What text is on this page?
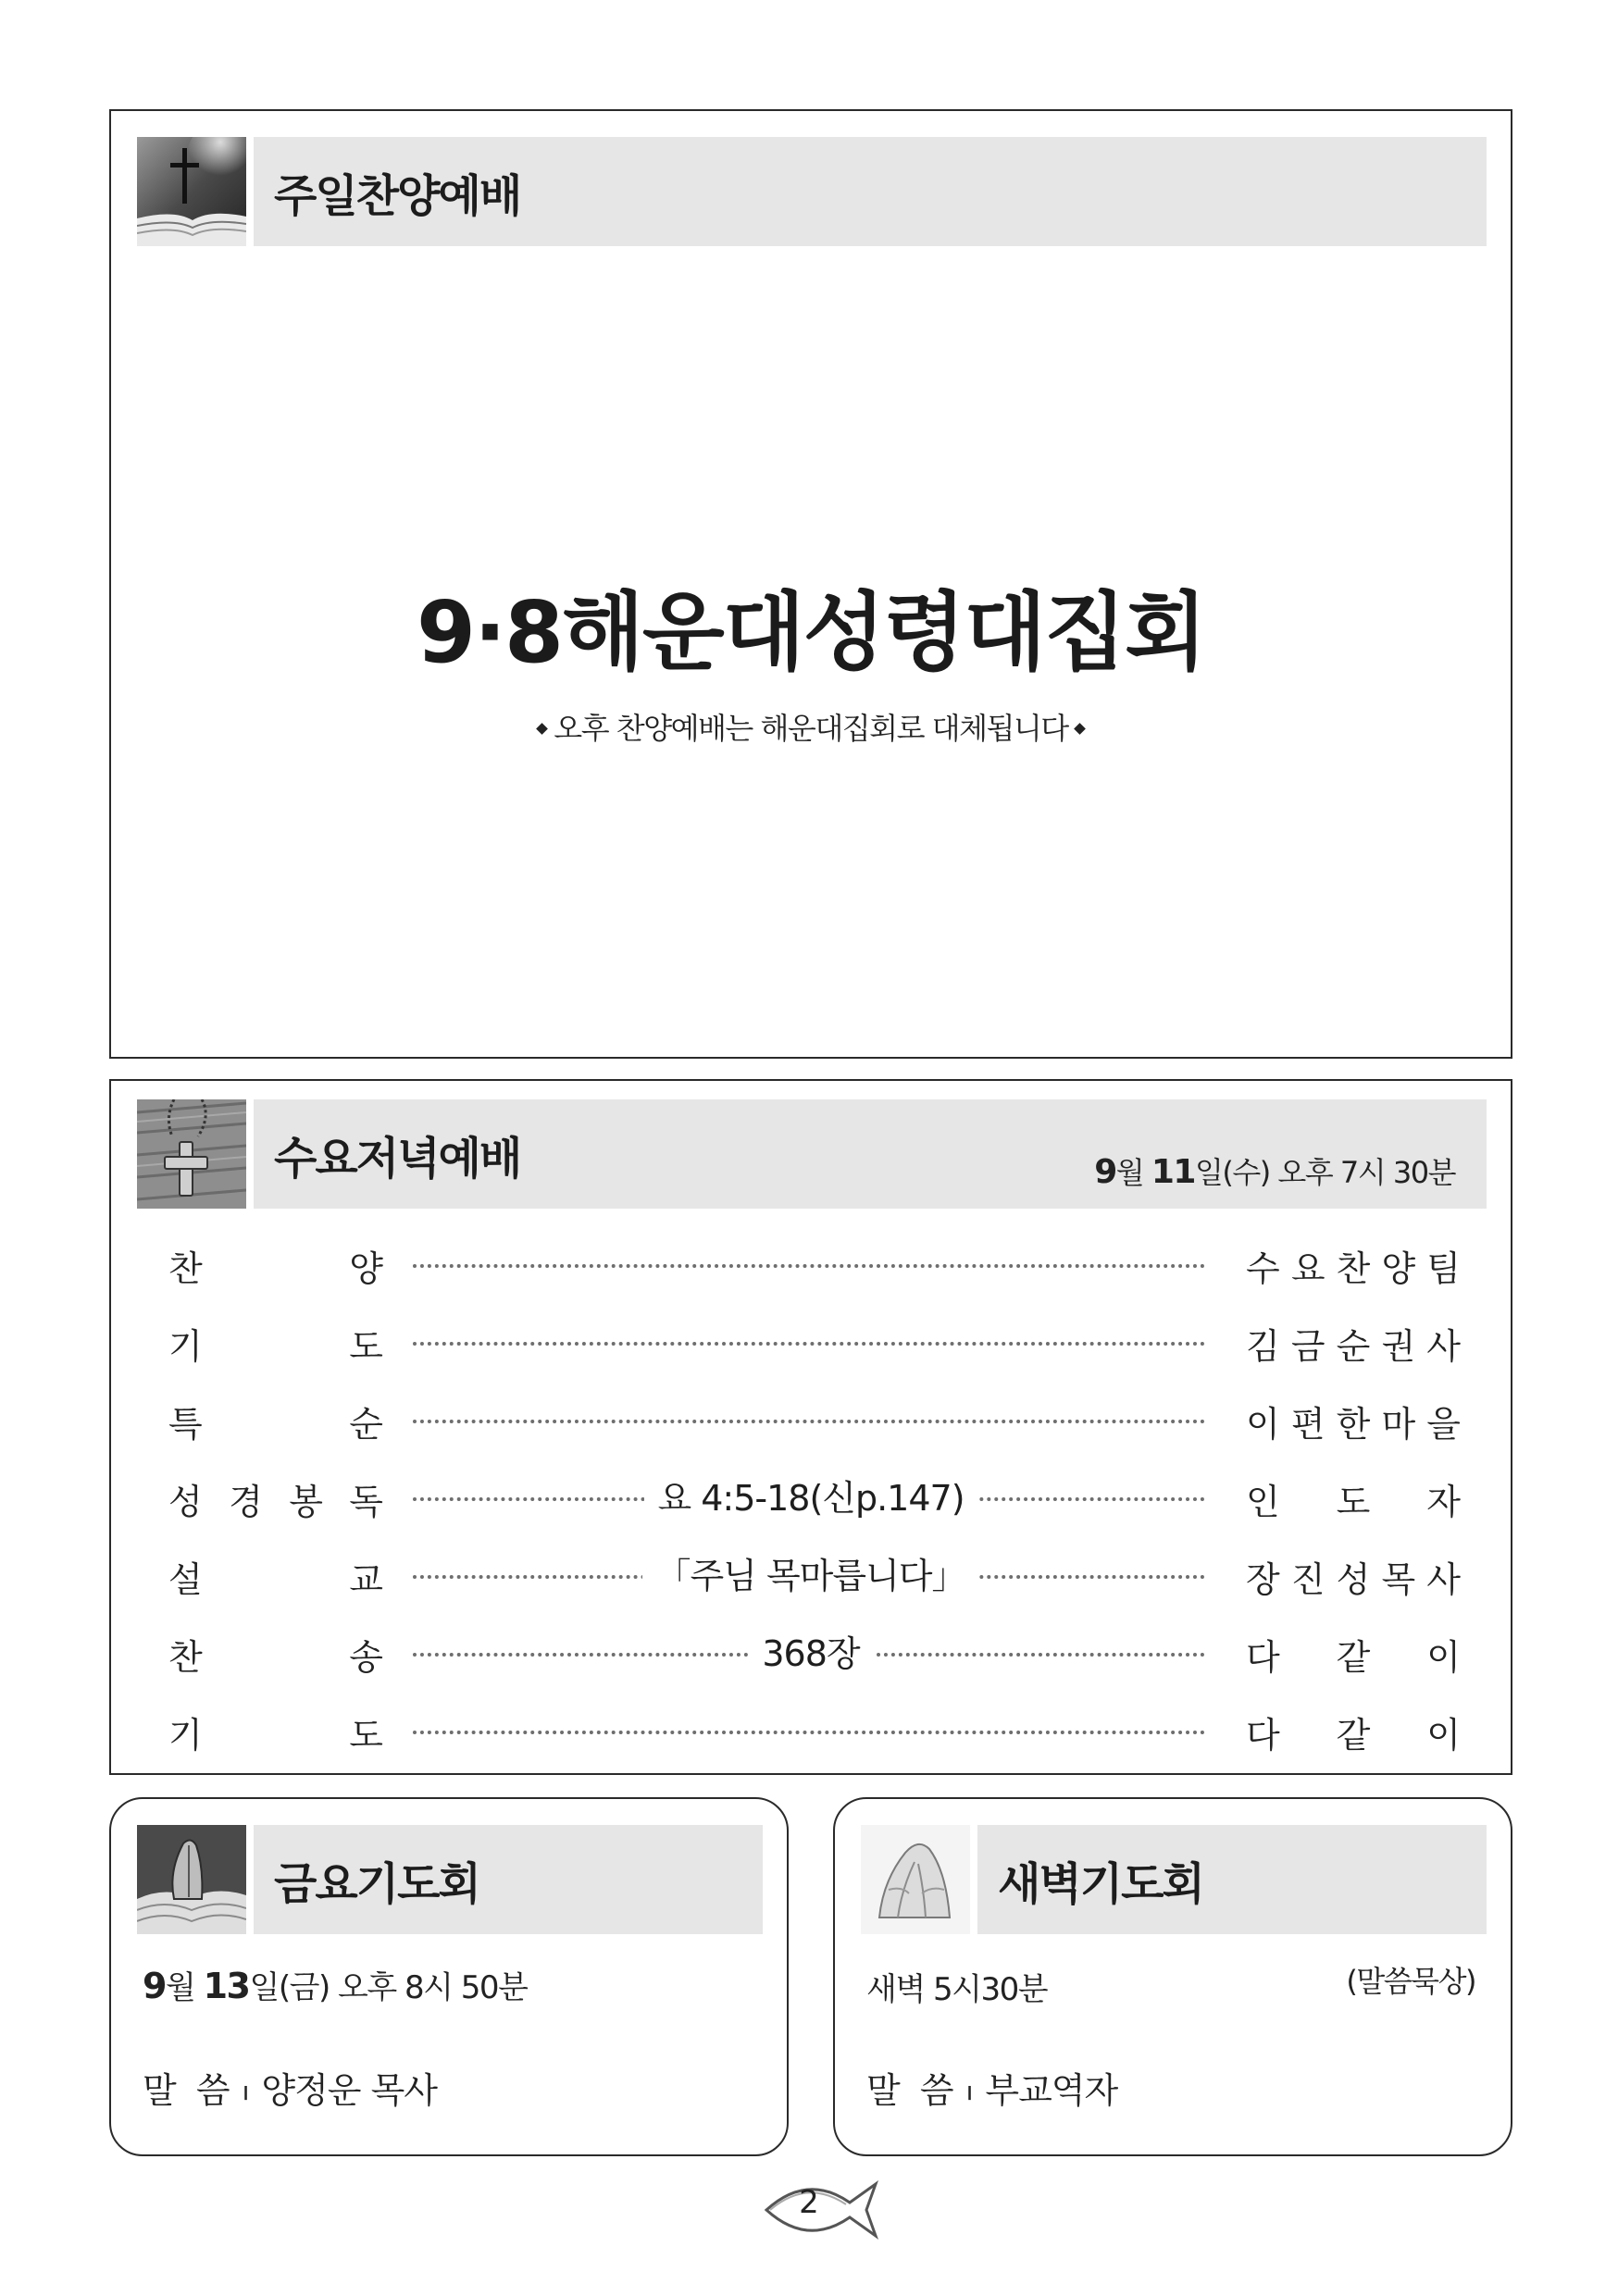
주일찬양예배
9·8해운대성령대집회
오후 찬양예배는 해운대집회로 대체됩니다
수요저녁예배	9월 11일(수) 오후 7시 30분
찬	양	수 요 찬 양 팀
기	도	김 금 순 권 사
특	순	이 편 한 마 을
성 경 봉 독	요 4:5-18(신p.147)	인 도 자
설	교	「주님 목마릅니다」	장 진 성 목 사
찬	송	368장	다 같 이
기	도	다 같 이
금요기도회
9월 13일(금) 오후 8시 50분
말  씀 ı 양정운 목사
새벽기도회
새벽 5시30분	(말씀묵상)
말  씀 ı 부교역자
2
